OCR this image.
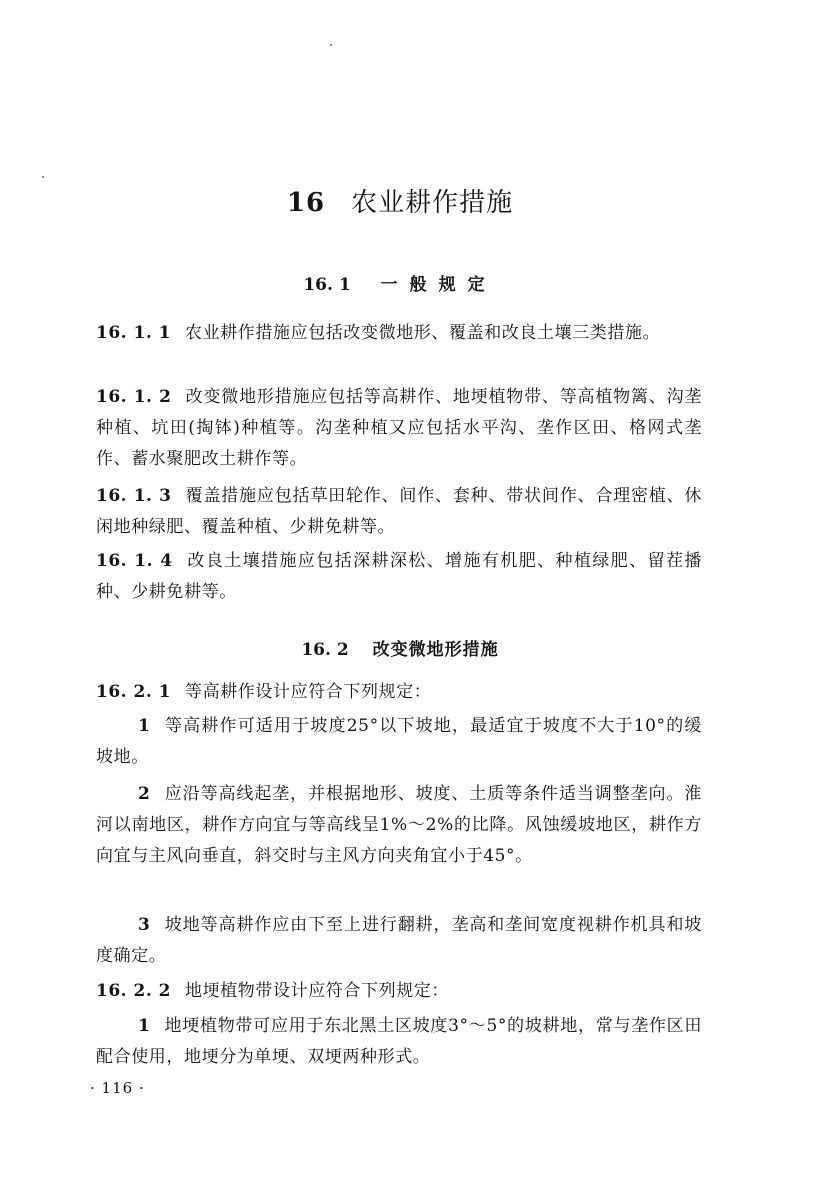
16 农业耕作措施
16. 1 一般规定
16. 1. 1 农业耕作措施应包括改变微地形、覆盖和改良土壤三类措施。
16. 1. 2 改变微地形措施应包括等高耕作、地埂植物带、等高植物篱、沟垄种植、坑田(掏钵)种植等。沟垄种植又应包括水平沟、垄作区田、格网式垄作、蓄水聚肥改土耕作等。
16. 1. 3 覆盖措施应包括草田轮作、间作、套种、带状间作、合理密植、休闲地种绿肥、覆盖种植、少耕免耕等。
16. 1. 4 改良土壤措施应包括深耕深松、增施有机肥、种植绿肥、留茬播种、少耕免耕等。
16. 2 改变微地形措施
16. 2. 1 等高耕作设计应符合下列规定：
1 等高耕作可适用于坡度25°以下坡地，最适宜于坡度不大于10°的缓坡地。
2 应沿等高线起垄，并根据地形、坡度、土质等条件适当调整垄向。淮河以南地区，耕作方向宜与等高线呈1%～2%的比降。风蚀缓坡地区，耕作方向宜与主风向垂直，斜交时与主风方向夹角宜小于45°。
3 坡地等高耕作应由下至上进行翻耕，垄高和垄间宽度视耕作机具和坡度确定。
16. 2. 2 地埂植物带设计应符合下列规定：
1 地埂植物带可应用于东北黑土区坡度3°～5°的坡耕地，常与垄作区田配合使用，地埂分为单埂、双埂两种形式。
· 116 ·
